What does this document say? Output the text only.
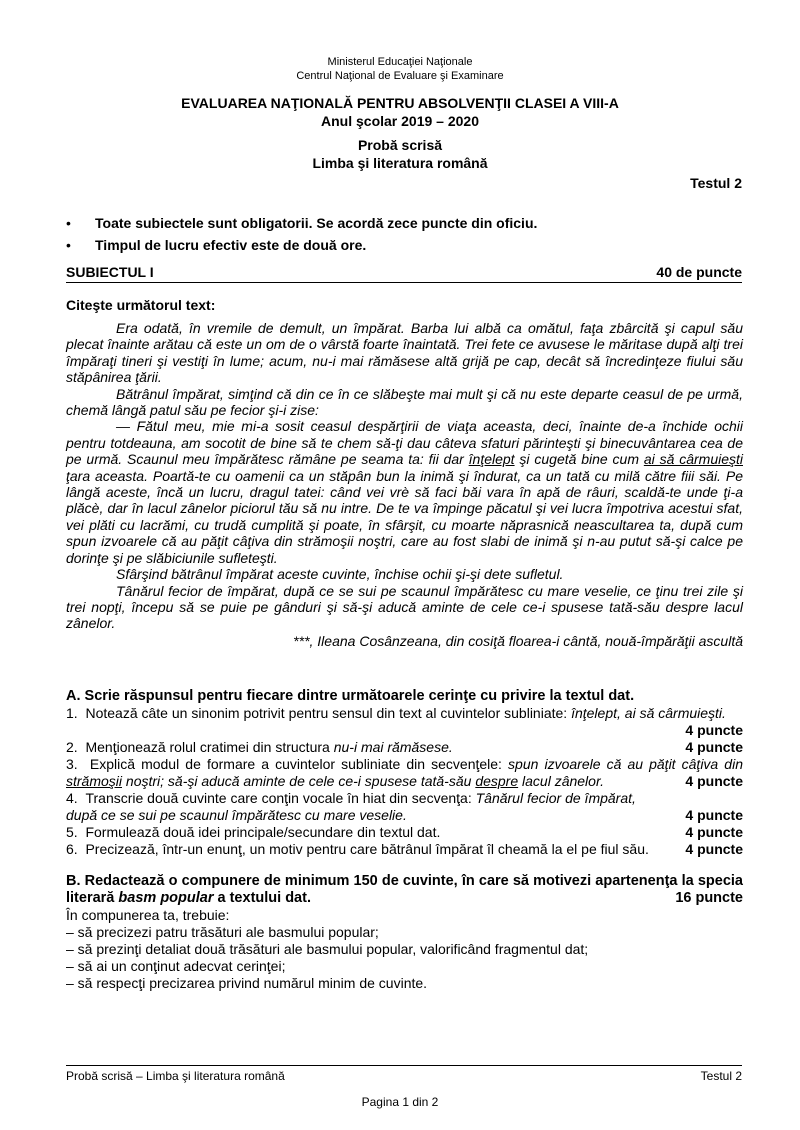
Ministerul Educaţiei Naţionale
Centrul Naţional de Evaluare şi Examinare
EVALUAREA NAŢIONALĂ PENTRU ABSOLVENŢII CLASEI A VIII-A
Anul şcolar 2019 – 2020
Probă scrisă
Limba şi literatura română
Testul 2
• Toate subiectele sunt obligatorii. Se acordă zece puncte din oficiu.
• Timpul de lucru efectiv este de două ore.
SUBIECTUL I	40 de puncte
Citeşte următorul text:

Era odată, în vremile de demult, un împărat. Barba lui albă ca omătul, faţa zbârcită şi capul său plecat înainte arătau că este un om de o vârstă foarte înaintată. Trei fete ce avusese le măritase după alţi trei împăraţi tineri şi vestiţi în lume; acum, nu-i mai rămăsese altă grijă pe cap, decât să încredinţeze fiului său stăpânirea ţării.

Bătrânul împărat, simţind că din ce în ce slăbeşte mai mult şi că nu este departe ceasul de pe urmă, chemă lângă patul său pe fecior şi-i zise:

— Fătul meu, mie mi-a sosit ceasul despărţirii de viaţa aceasta, deci, înainte de-a închide ochii pentru totdeauna, am socotit de bine să te chem să-ţi dau câteva sfaturi părinteşti şi binecuvântarea cea de pe urmă. Scaunul meu împărătesc rămâne pe seama ta: fii dar înţelept şi cugetă bine cum ai să cârmuieşti ţara aceasta. Poartă-te cu oamenii ca un stăpân bun la inimă şi îndurat, ca un tată cu milă către fiii săi. Pe lângă aceste, încă un lucru, dragul tatei: când vei vrè să faci băi vara în apă de râuri, scaldă-te unde ţi-a plăcè, dar în lacul zânelor piciorul tău să nu intre. De te va împinge păcatul şi vei lucra împotriva acestui sfat, vei plăti cu lacrămi, cu trudă cumplită şi poate, în sfârşit, cu moarte năprasnică neascultarea ta, după cum spun izvoarele că au păţit câţiva din strămoşii noştri, care au fost slabi de inimă şi n-au putut să-şi calce pe dorinţe şi pe slăbiciunile sufleteşti.

Sfârşind bătrânul împărat aceste cuvinte, închise ochii şi-şi dete sufletul.

Tânărul fecior de împărat, după ce se sui pe scaunul împărătesc cu mare veselie, ce ţinu trei zile şi trei nopţi, începu să se puie pe gânduri şi să-şi aducă aminte de cele ce-i spusese tată-său despre lacul zânelor.

***, Ileana Cosânzeana, din cosiţă floarea-i cântă, nouă-împărăţii ascultă

A. Scrie răspunsul pentru fiecare dintre următoarele cerinţe cu privire la textul dat.
1. Notează câte un sinonim potrivit pentru sensul din text al cuvintelor subliniate: înţelept, ai să cârmuieşti.
4 puncte
2. Menţionează rolul cratimei din structura nu-i mai rămăsese.	4 puncte
3. Explică modul de formare a cuvintelor subliniate din secvenţele: spun izvoarele că au păţit câţiva din strămoşii noştri; să-şi aducă aminte de cele ce-i spusese tată-său despre lacul zânelor.	4 puncte
4. Transcrie două cuvinte care conţin vocale în hiat din secvenţa: Tânărul fecior de împărat, după ce se sui pe scaunul împărătesc cu mare veselie.	4 puncte
5. Formulează două idei principale/secundare din textul dat.	4 puncte
6. Precizează, într-un enunţ, un motiv pentru care bătrânul împărat îl cheamă la el pe fiul său.	4 puncte
B. Redactează o compunere de minimum 150 de cuvinte, în care să motivezi apartenenţa la specia literară basm popular a textului dat.	16 puncte
În compunerea ta, trebuie:
– să precizezi patru trăsături ale basmului popular;
– să prezinţi detaliat două trăsături ale basmului popular, valorificând fragmentul dat;
– să ai un conţinut adecvat cerinţei;
– să respecţi precizarea privind numărul minim de cuvinte.
Probă scrisă – Limba şi literatura română	Testul 2
Pagina 1 din 2
